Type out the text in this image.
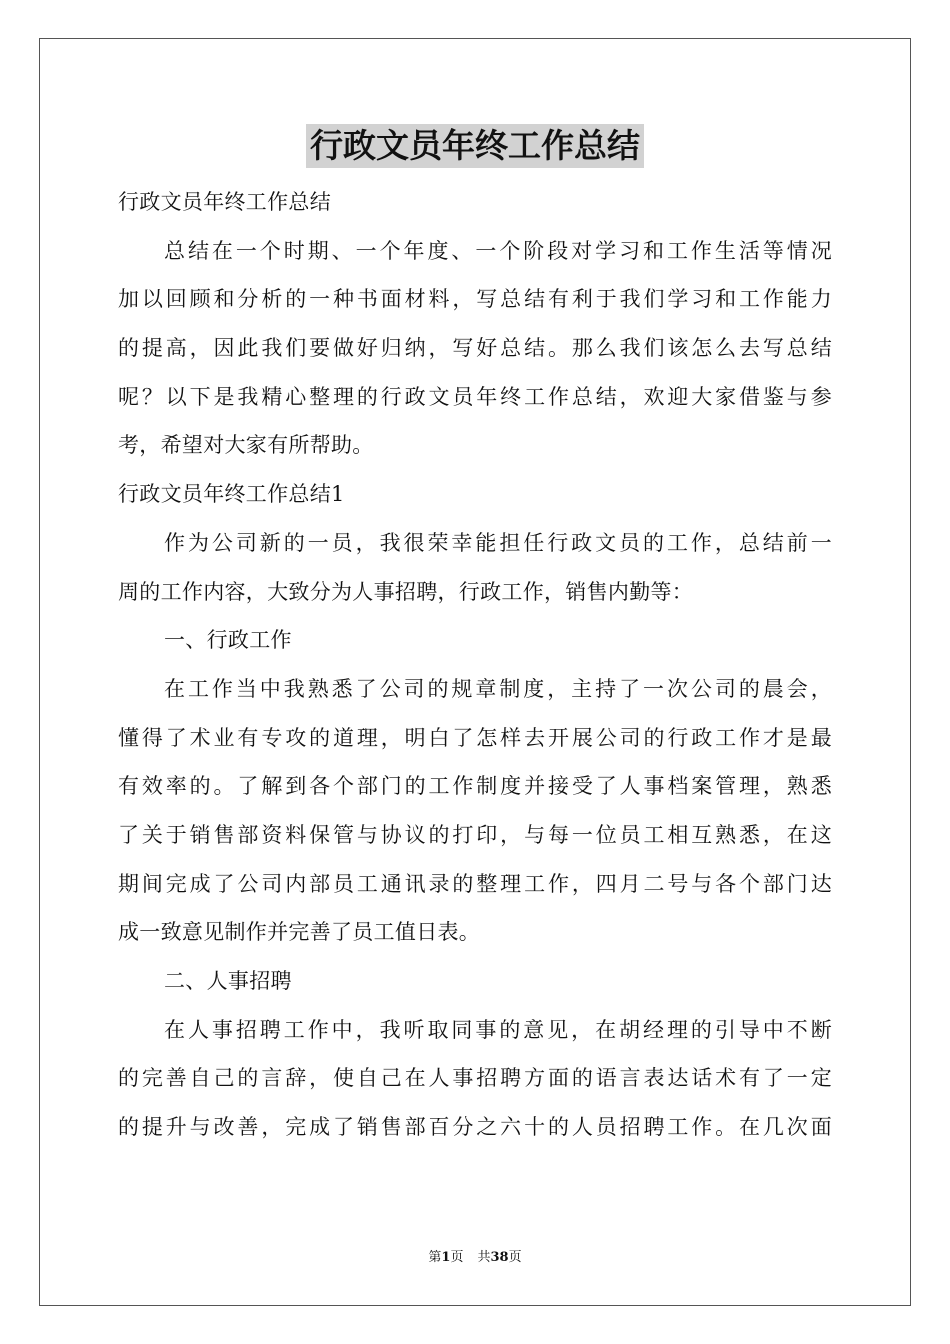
行政文员年终工作总结
行政文员年终工作总结
总结在一个时期、一个年度、一个阶段对学习和工作生活等情况
加以回顾和分析的一种书面材料，写总结有利于我们学习和工作能力
的提高，因此我们要做好归纳，写好总结。那么我们该怎么去写总结
呢？以下是我精心整理的行政文员年终工作总结，欢迎大家借鉴与参
考，希望对大家有所帮助。
行政文员年终工作总结1
作为公司新的一员，我很荣幸能担任行政文员的工作，总结前一
周的工作内容，大致分为人事招聘，行政工作，销售内勤等：
一、行政工作
在工作当中我熟悉了公司的规章制度，主持了一次公司的晨会，
懂得了术业有专攻的道理，明白了怎样去开展公司的行政工作才是最
有效率的。了解到各个部门的工作制度并接受了人事档案管理，熟悉
了关于销售部资料保管与协议的打印，与每一位员工相互熟悉，在这
期间完成了公司内部员工通讯录的整理工作，四月二号与各个部门达
成一致意见制作并完善了员工值日表。
二、人事招聘
在人事招聘工作中，我听取同事的意见，在胡经理的引导中不断
的完善自己的言辞，使自己在人事招聘方面的语言表达话术有了一定
的提升与改善，完成了销售部百分之六十的人员招聘工作。在几次面
第1页 共38页
